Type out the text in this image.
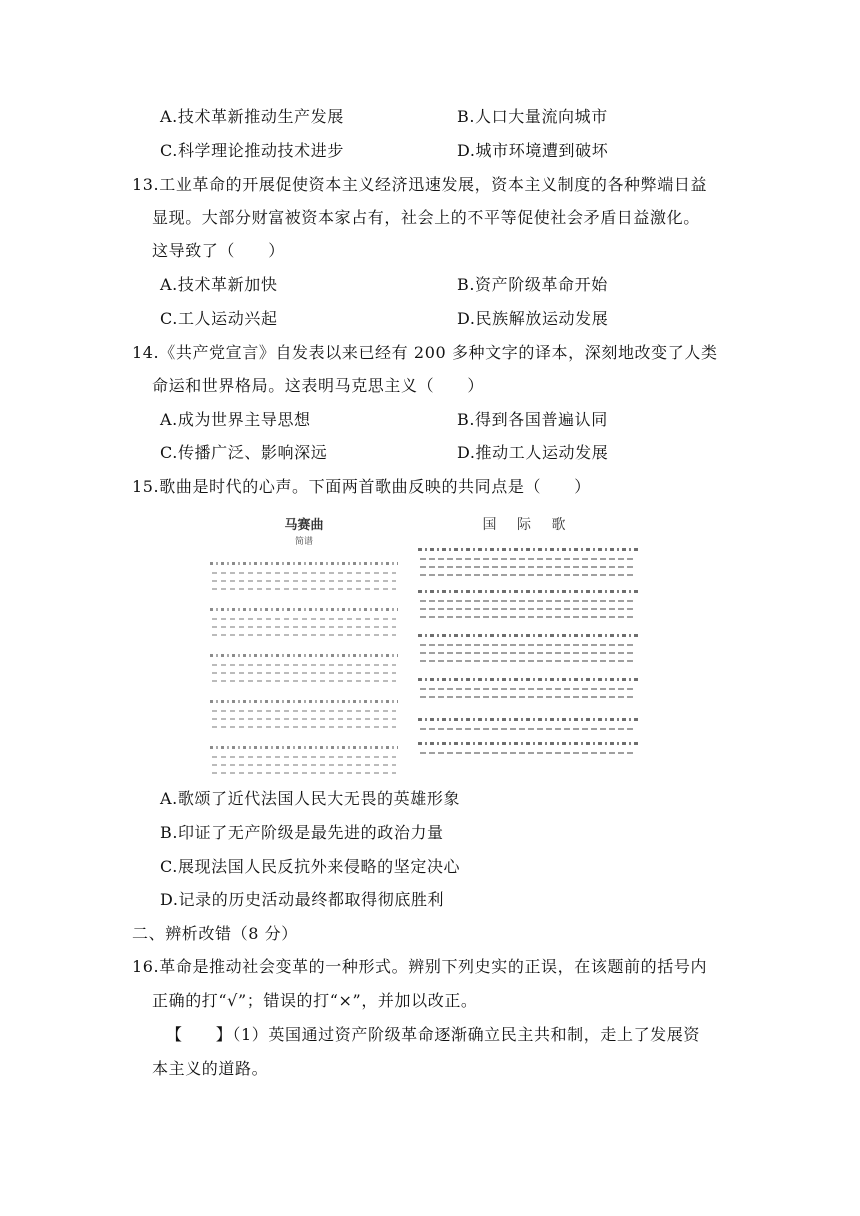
A.技术革新推动生产发展	B.人口大量流向城市
C.科学理论推动技术进步	D.城市环境遭到破坏
13.工业革命的开展促使资本主义经济迅速发展，资本主义制度的各种弊端日益
显现。大部分财富被资本家占有，社会上的不平等促使社会矛盾日益激化。
这导致了（　　）
A.技术革新加快	B.资产阶级革命开始
C.工人运动兴起	D.民族解放运动发展
14.《共产党宣言》自发表以来已经有 200 多种文字的译本，深刻地改变了人类
命运和世界格局。这表明马克思主义（　　）
A.成为世界主导思想	B.得到各国普遍认同
C.传播广泛、影响深远	D.推动工人运动发展
15.歌曲是时代的心声。下面两首歌曲反映的共同点是（　　）
马赛曲
简谱
国 际 歌
A.歌颂了近代法国人民大无畏的英雄形象
B.印证了无产阶级是最先进的政治力量
C.展现法国人民反抗外来侵略的坚定决心
D.记录的历史活动最终都取得彻底胜利
二、辨析改错（8 分）
16.革命是推动社会变革的一种形式。辨别下列史实的正误，在该题前的括号内
正确的打“√”；错误的打“×”，并加以改正。
【　　】（1）英国通过资产阶级革命逐渐确立民主共和制，走上了发展资
本主义的道路。
